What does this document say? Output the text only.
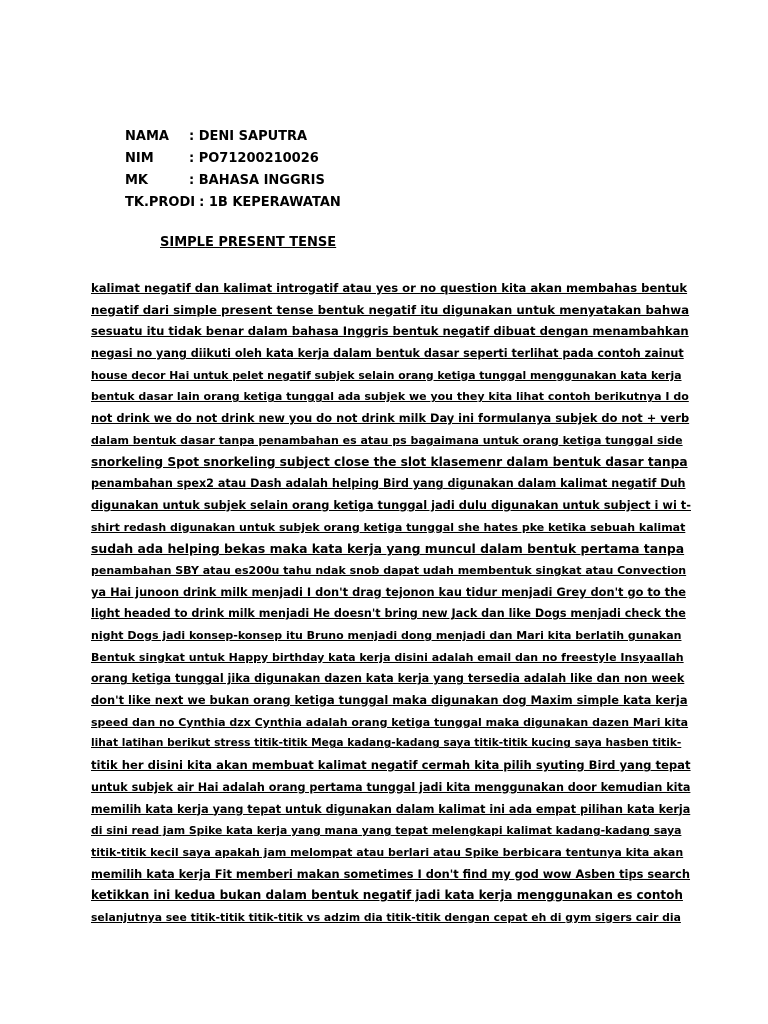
NAMA	: DENI SAPUTRA
NIM	: PO71200210026
MK	: BAHASA INGGRIS
TK.PRODI : 1B KEPERAWATAN
SIMPLE PRESENT TENSE
kalimat negatif dan kalimat introgatif atau yes or no question kita akan membahas bentuk
negatif dari simple present tense bentuk negatif itu digunakan untuk menyatakan bahwa
sesuatu itu tidak benar dalam bahasa Inggris bentuk negatif dibuat dengan menambahkan
negasi no yang diikuti oleh kata kerja dalam bentuk dasar seperti terlihat pada contoh zainut
house decor Hai untuk pelet negatif subjek selain orang ketiga tunggal menggunakan kata kerja
bentuk dasar lain orang ketiga tunggal ada subjek we you they kita lihat contoh berikutnya I do
not drink we do not drink new you do not drink milk Day ini formulanya subjek do not + verb
dalam bentuk dasar tanpa penambahan es atau ps bagaimana untuk orang ketiga tunggal side
snorkeling Spot snorkeling subject close the slot klasemenr dalam bentuk dasar tanpa
penambahan spex2 atau Dash adalah helping Bird yang digunakan dalam kalimat negatif Duh
digunakan untuk subjek selain orang ketiga tunggal jadi dulu digunakan untuk subject i wi t-
shirt redash digunakan untuk subjek orang ketiga tunggal she hates pke ketika sebuah kalimat
sudah ada helping bekas maka kata kerja yang muncul dalam bentuk pertama tanpa
penambahan SBY atau es200u tahu ndak snob dapat udah membentuk singkat atau Convection
ya Hai junoon drink milk menjadi I don't drag tejonon kau tidur menjadi Grey don't go to the
light headed to drink milk menjadi He doesn't bring new Jack dan like Dogs menjadi check the
night Dogs jadi konsep-konsep itu Bruno menjadi dong menjadi dan Mari kita berlatih gunakan
Bentuk singkat untuk Happy birthday kata kerja disini adalah email dan no freestyle Insyaallah
orang ketiga tunggal jika digunakan dazen kata kerja yang tersedia adalah like dan non week
don't like next we bukan orang ketiga tunggal maka digunakan dog Maxim simple kata kerja
speed dan no Cynthia dzx Cynthia adalah orang ketiga tunggal maka digunakan dazen Mari kita
lihat latihan berikut stress titik-titik Mega kadang-kadang saya titik-titik kucing saya hasben titik-
titik her disini kita akan membuat kalimat negatif cermah kita pilih syuting Bird yang tepat
untuk subjek air Hai adalah orang pertama tunggal jadi kita menggunakan door kemudian kita
memilih kata kerja yang tepat untuk digunakan dalam kalimat ini ada empat pilihan kata kerja
di sini read jam Spike kata kerja yang mana yang tepat melengkapi kalimat kadang-kadang saya
titik-titik kecil saya apakah jam melompat atau berlari atau Spike berbicara tentunya kita akan
memilih kata kerja Fit memberi makan sometimes I don't find my god wow Asben tips search
ketikkan ini kedua bukan dalam bentuk negatif jadi kata kerja menggunakan es contoh
selanjutnya see titik-titik titik-titik vs adzim dia titik-titik dengan cepat eh di gym sigers cair dia
